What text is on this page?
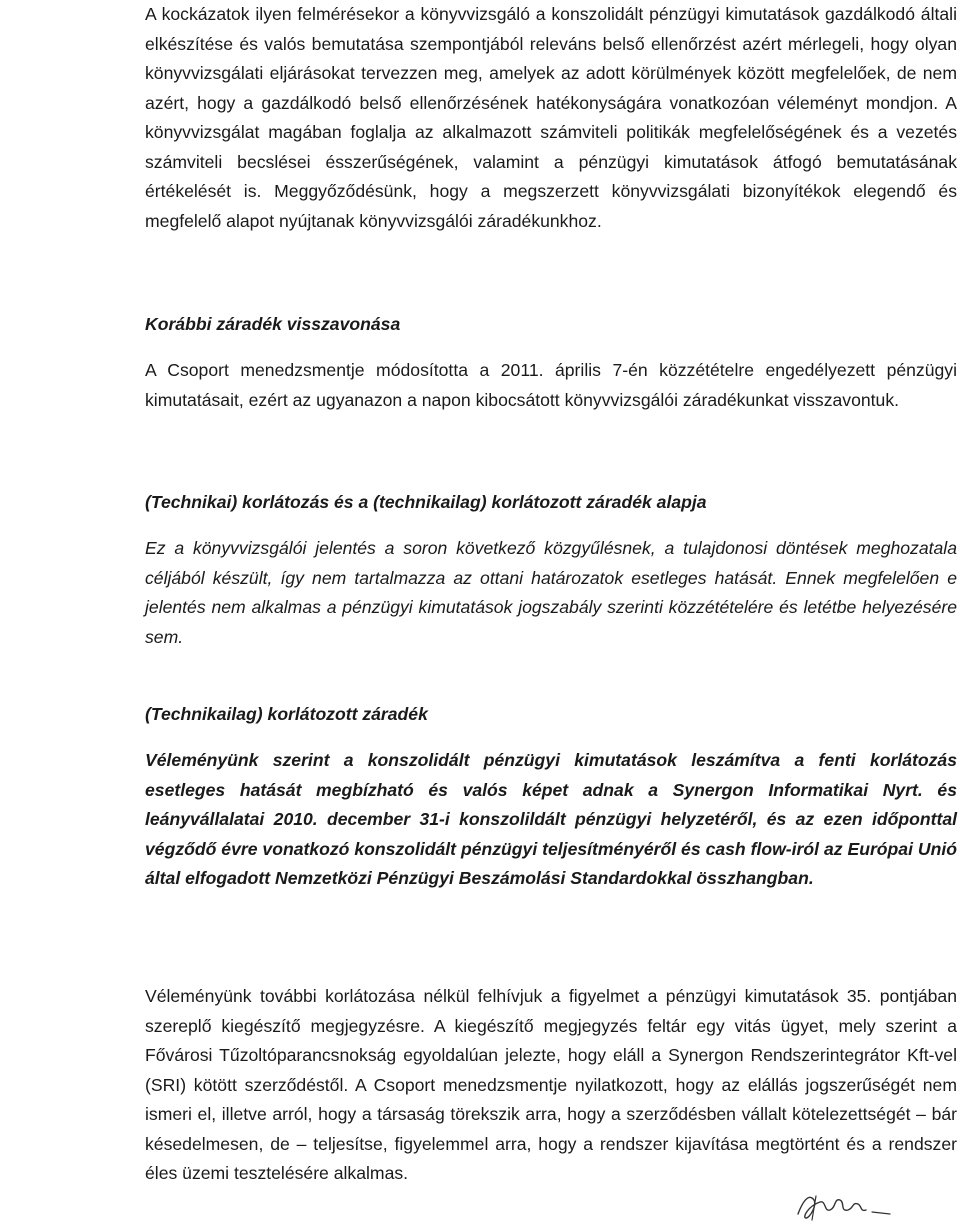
A kockázatok ilyen felmérésekor a könyvvizsgáló a konszolidált pénzügyi kimutatások gazdálkodó általi elkészítése és valós bemutatása szempontjából releváns belső ellenőrzést azért mérlegeli, hogy olyan könyvvizsgálati eljárásokat tervezzen meg, amelyek az adott körülmények között megfelelőek, de nem azért, hogy a gazdálkodó belső ellenőrzésének hatékonyságára vonatkozóan véleményt mondjon. A könyvvizsgálat magában foglalja az alkalmazott számviteli politikák megfelelőségének és a vezetés számviteli becslései ésszerűségének, valamint a pénzügyi kimutatások átfogó bemutatásának értékelését is. Meggyőződésünk, hogy a megszerzett könyvvizsgálati bizonyítékok elegendő és megfelelő alapot nyújtanak könyvvizsgálói záradékunkhoz.

Korábbi záradék visszavonása

A Csoport menedzsmentje módosította a 2011. április 7-én közzétételre engedélyezett pénzügyi kimutatásait, ezért az ugyanazon a napon kibocsátott könyvvizsgálói záradékunkat visszavontuk.

(Technikai) korlátozás és a (technikailag) korlátozott záradék alapja

Ez a könyvvizsgálói jelentés a soron következő közgyűlésnek, a tulajdonosi döntések meghozatala céljából készült, így nem tartalmazza az ottani határozatok esetleges hatását. Ennek megfelelően e jelentés nem alkalmas a pénzügyi kimutatások jogszabály szerinti közzétételére és letétbe helyezésére sem.

(Technikailag) korlátozott záradék

Véleményünk szerint a konszolidált pénzügyi kimutatások leszámítva a fenti korlátozás esetleges hatását megbízható és valós képet adnak a Synergon Informatikai Nyrt. és leányvállalatai 2010. december 31-i konszolildált pénzügyi helyzetéről, és az ezen időponttal végződő évre vonatkozó konszolidált pénzügyi teljesítményéről és cash flow-iról az Európai Unió által elfogadott Nemzetközi Pénzügyi Beszámolási Standardokkal összhangban.

Véleményünk további korlátozása nélkül felhívjuk a figyelmet a pénzügyi kimutatások 35. pontjában szereplő kiegészítő megjegyzésre. A kiegészítő megjegyzés feltár egy vitás ügyet, mely szerint a Fővárosi Tűzoltóparancsnokság egyoldalúan jelezte, hogy eláll a Synergon Rendszerintegrátor Kft-vel (SRI) kötött szerződéstől. A Csoport menedzsmentje nyilatkozott, hogy az elállás jogszerűségét nem ismeri el, illetve arról, hogy a társaság törekszik arra, hogy a szerződésben vállalt kötelezettségét – bár késedelmesen, de – teljesítse, figyelemmel arra, hogy a rendszer kijavítása megtörtént és a rendszer éles üzemi tesztelésére alkalmas.
